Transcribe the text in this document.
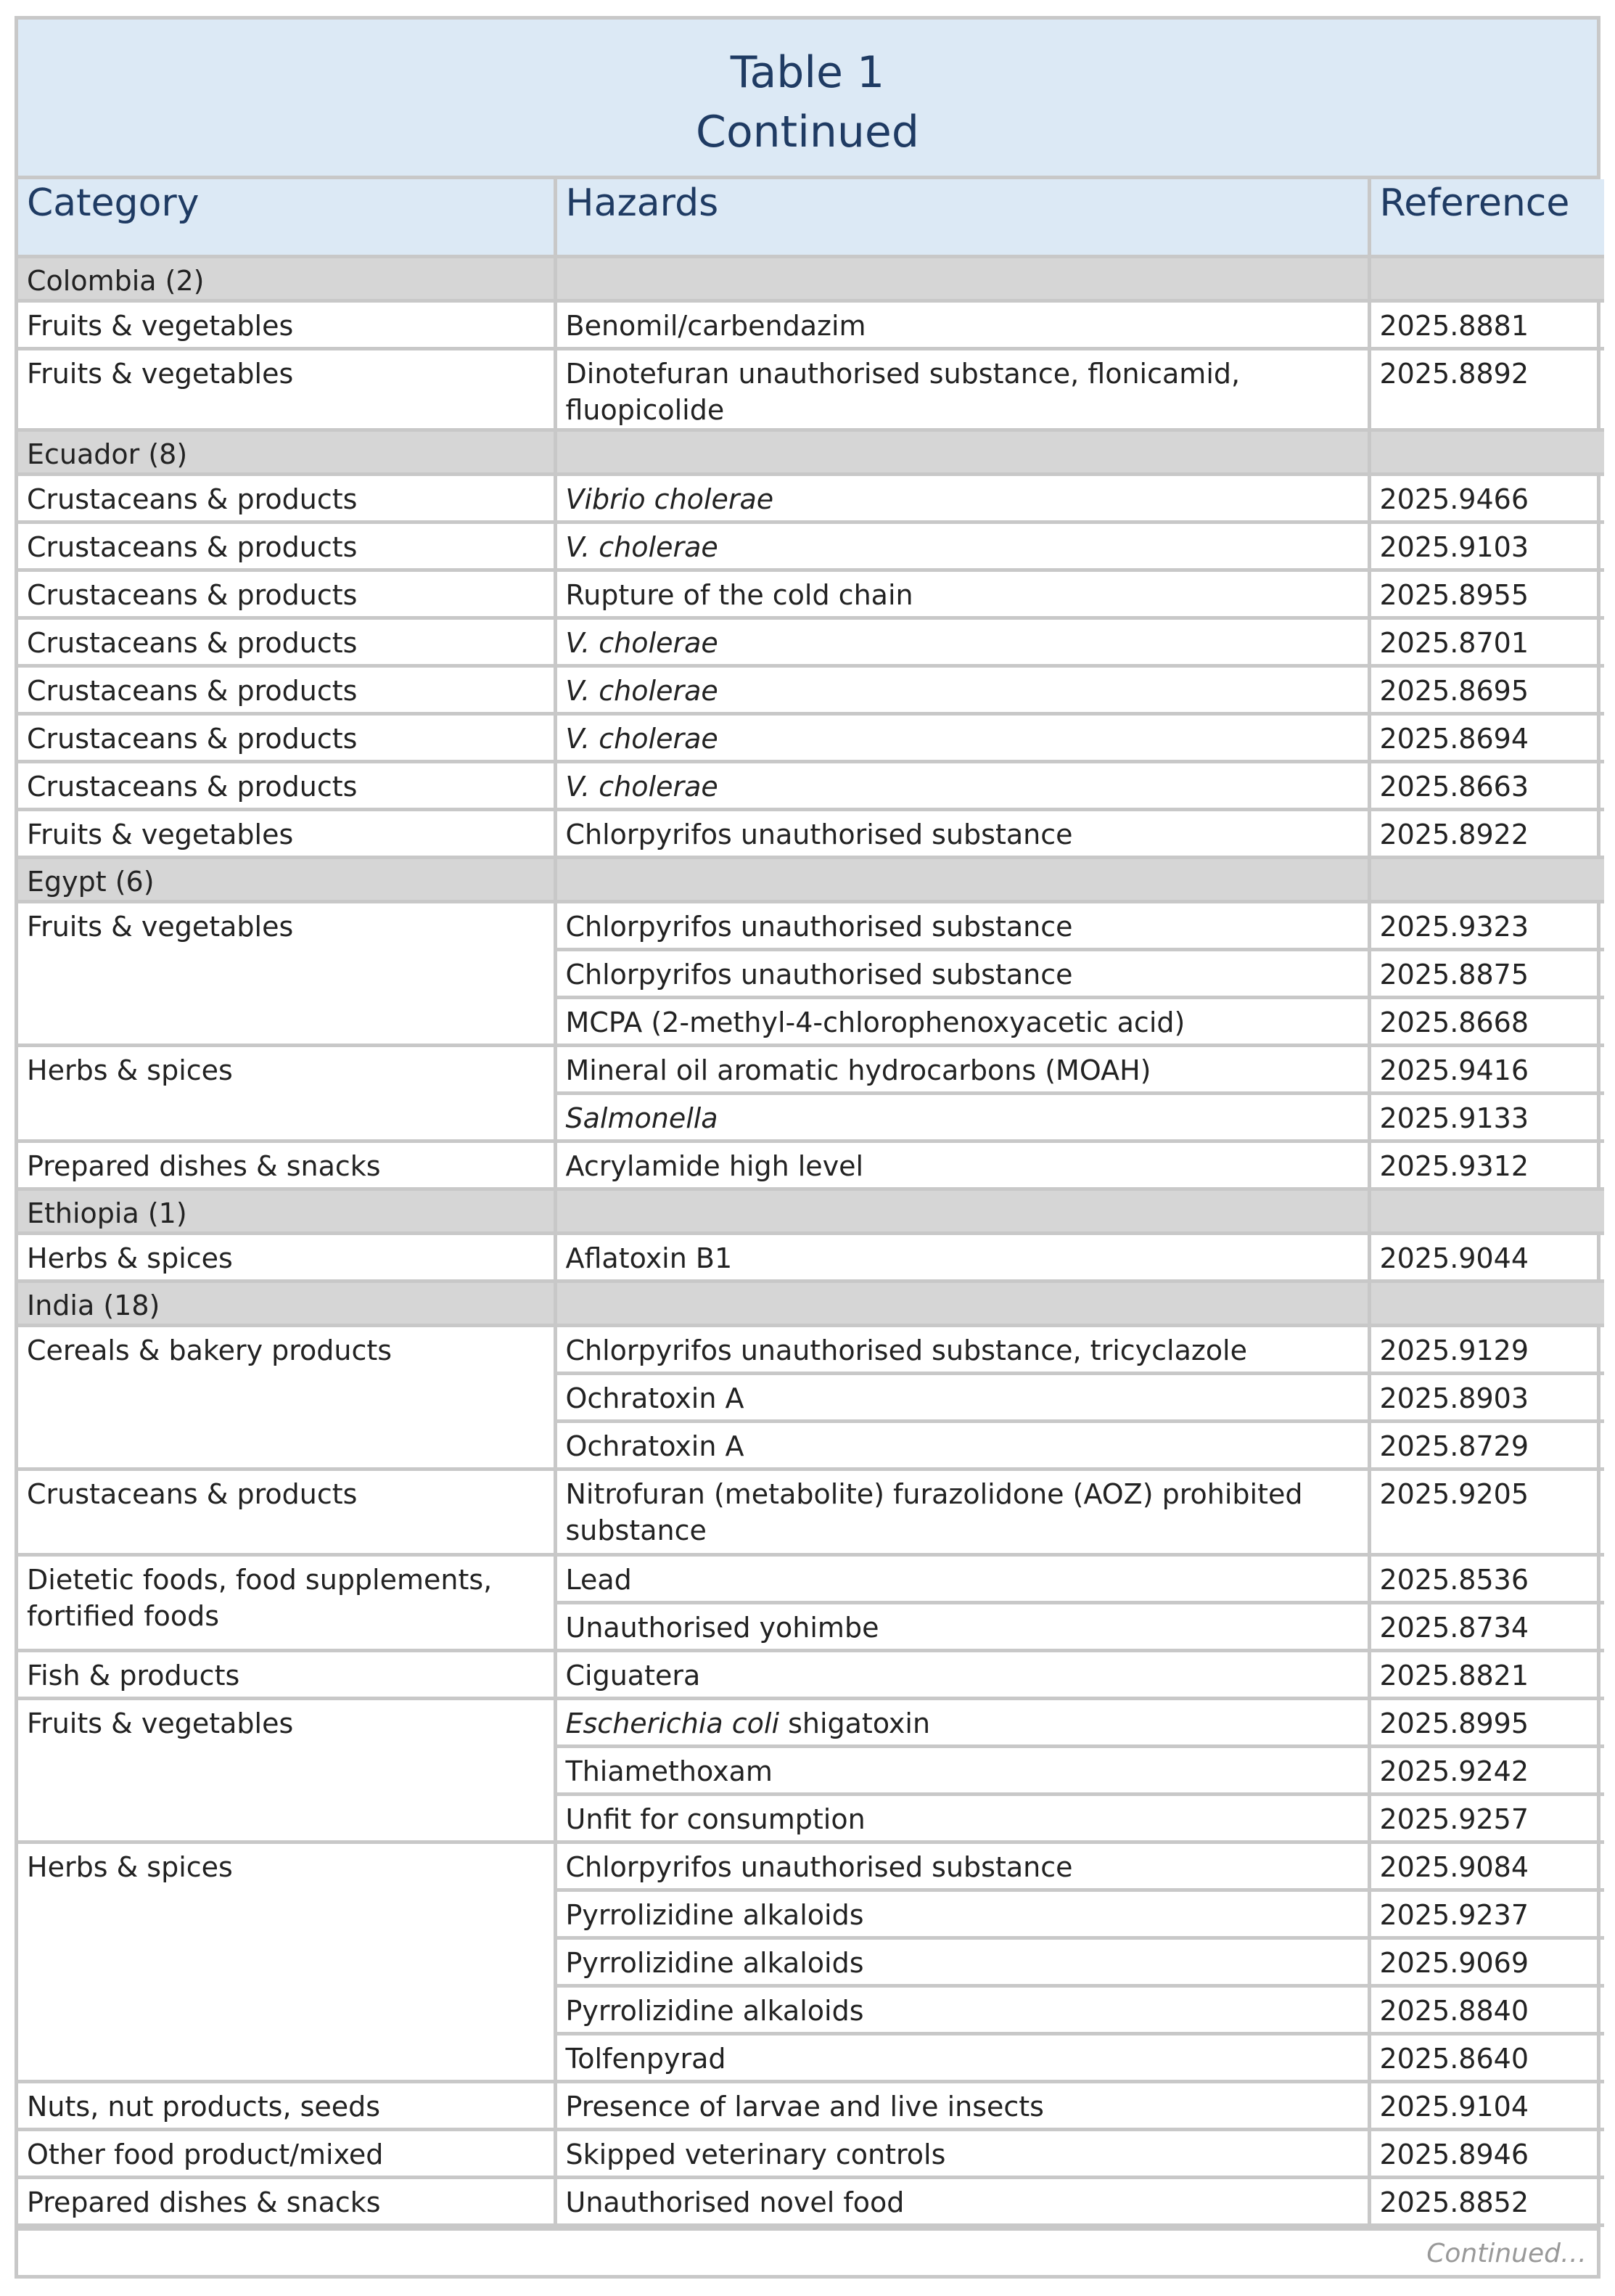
Table 1
Continued
Category	Hazards	Reference
Colombia (2)		
Fruits & vegetables	Benomil/carbendazim	2025.8881
Fruits & vegetables	Dinotefuran unauthorised substance, flonicamid, fluopicolide	2025.8892
Ecuador (8)		
Crustaceans & products	Vibrio cholerae	2025.9466
Crustaceans & products	V. cholerae	2025.9103
Crustaceans & products	Rupture of the cold chain	2025.8955
Crustaceans & products	V. cholerae	2025.8701
Crustaceans & products	V. cholerae	2025.8695
Crustaceans & products	V. cholerae	2025.8694
Crustaceans & products	V. cholerae	2025.8663
Fruits & vegetables	Chlorpyrifos unauthorised substance	2025.8922
Egypt (6)		
Fruits & vegetables	Chlorpyrifos unauthorised substance	2025.9323
	Chlorpyrifos unauthorised substance	2025.8875
	MCPA (2-methyl-4-chlorophenoxyacetic acid)	2025.8668
Herbs & spices	Mineral oil aromatic hydrocarbons (MOAH)	2025.9416
	Salmonella	2025.9133
Prepared dishes & snacks	Acrylamide high level	2025.9312
Ethiopia (1)		
Herbs & spices	Aflatoxin B1	2025.9044
India (18)		
Cereals & bakery products	Chlorpyrifos unauthorised substance, tricyclazole	2025.9129
	Ochratoxin A	2025.8903
	Ochratoxin A	2025.8729
Crustaceans & products	Nitrofuran (metabolite) furazolidone (AOZ) prohibited substance	2025.9205
Dietetic foods, food supplements, fortified foods	Lead	2025.8536
	Unauthorised yohimbe	2025.8734
Fish & products	Ciguatera	2025.8821
Fruits & vegetables	Escherichia coli shigatoxin	2025.8995
	Thiamethoxam	2025.9242
	Unfit for consumption	2025.9257
Herbs & spices	Chlorpyrifos unauthorised substance	2025.9084
	Pyrrolizidine alkaloids	2025.9237
	Pyrrolizidine alkaloids	2025.9069
	Pyrrolizidine alkaloids	2025.8840
	Tolfenpyrad	2025.8640
Nuts, nut products, seeds	Presence of larvae and live insects	2025.9104
Other food product/mixed	Skipped veterinary controls	2025.8946
Prepared dishes & snacks	Unauthorised novel food	2025.8852
Continued…
